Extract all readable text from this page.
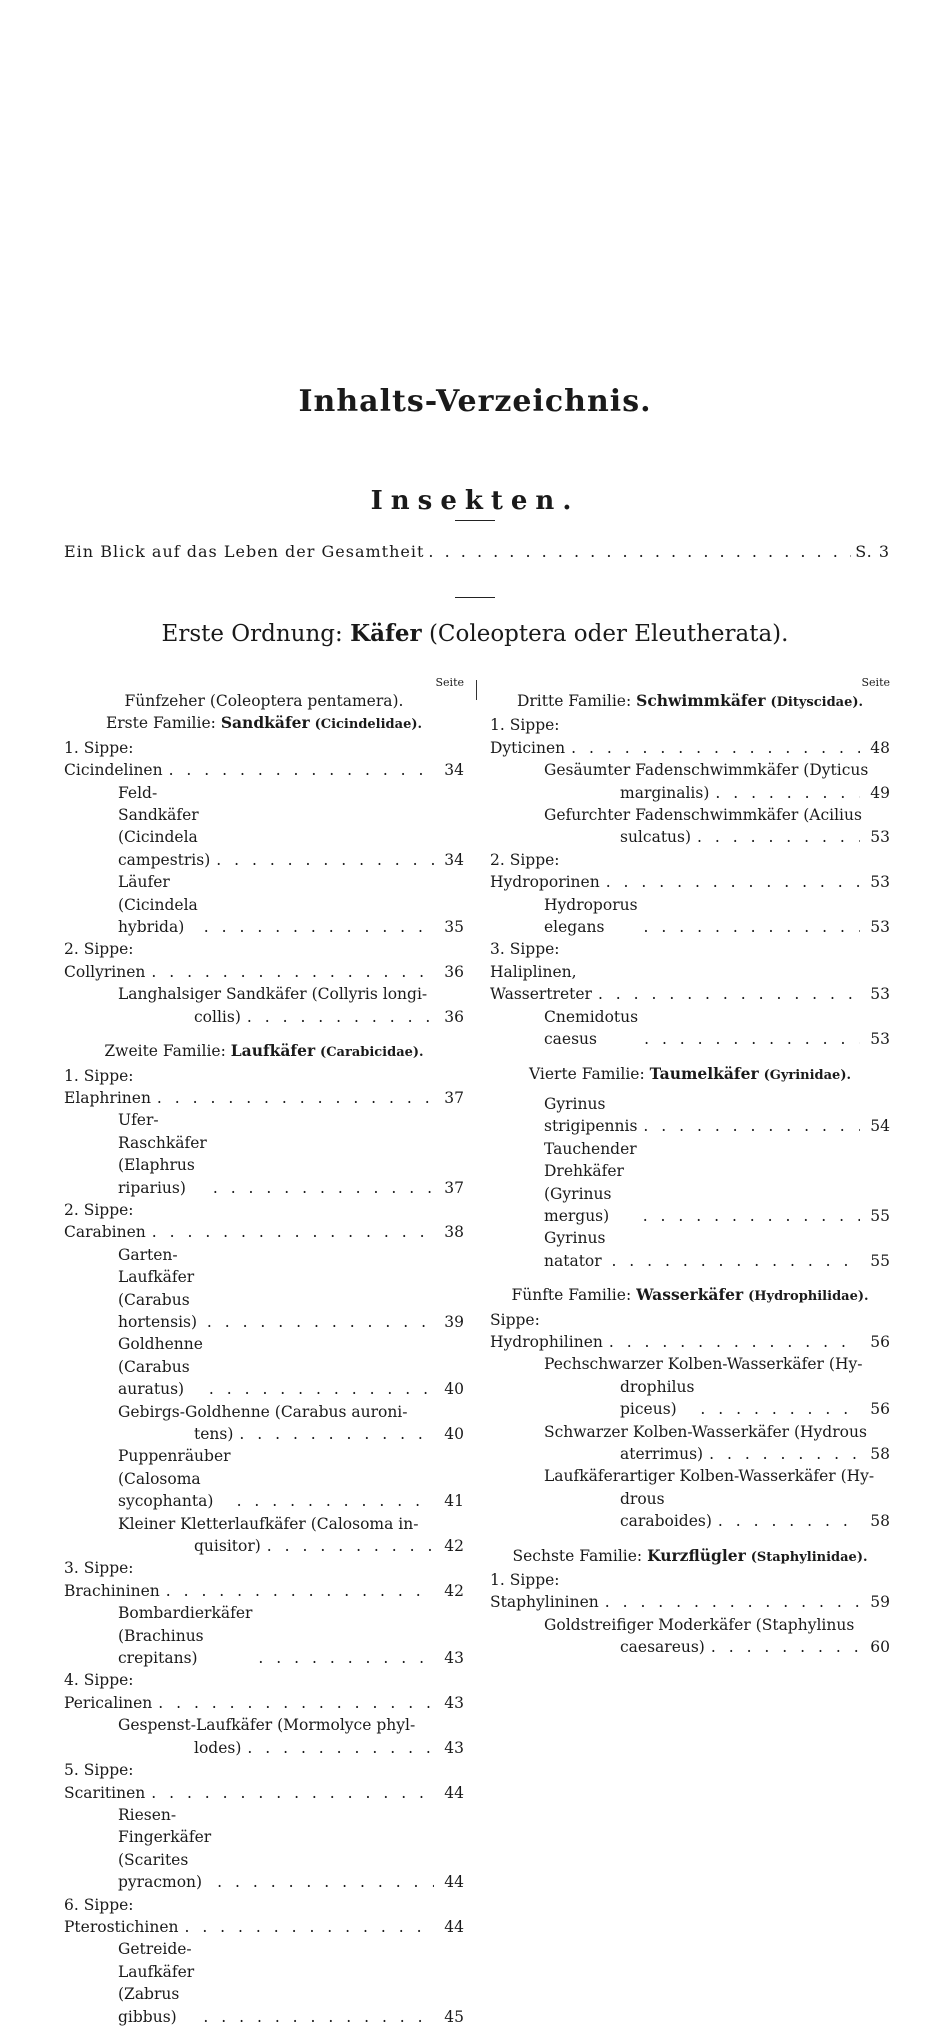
Inhalts-Verzeichnis.
Insekten.
Ein Blick auf das Leben der Gesamtheit . . .	S. 3
Erste Ordnung: Käfer (Coleoptera oder Eleutherata).
Seite
Fünfzeher (Coleoptera pentamera).
Erste Familie: Sandkäfer (Cicindelidae).
1. Sippe: Cicindelinen . . .	34
Feld-Sandkäfer (Cicindela campestris) . . .	34
Läufer (Cicindela hybrida) . . .	35
2. Sippe: Collyrinen . . .	36
Langhalsiger Sandkäfer (Collyris longi-
collis) . . .	36
Zweite Familie: Laufkäfer (Carabicidae).
1. Sippe: Elaphrinen . . .	37
Ufer-Raschkäfer (Elaphrus riparius) . . .	37
2. Sippe: Carabinen . . .	38
Garten-Laufkäfer (Carabus hortensis) . . .	39
Goldhenne (Carabus auratus) . . .	40
Gebirgs-Goldhenne (Carabus auroni-
tens) . . .	40
Puppenräuber (Calosoma sycophanta) . . .	41
Kleiner Kletterlaufkäfer (Calosoma in-
quisitor) . . .	42
3. Sippe: Brachininen . . .	42
Bombardierkäfer (Brachinus crepitans) . . .	43
4. Sippe: Pericalinen . . .	43
Gespenst-Laufkäfer (Mormolyce phyl-
lodes) . . .	43
5. Sippe: Scaritinen . . .	44
Riesen-Fingerkäfer (Scarites pyracmon) . . .	44
6. Sippe: Pterostichinen . . .	44
Getreide-Laufkäfer (Zabrus gibbus) . . .	45
Seite
Dritte Familie: Schwimmkäfer (Dityscidae).
1. Sippe: Dyticinen . . .	48
Gesäumter Fadenschwimmkäfer (Dyticus
marginalis) . . .	49
Gefurchter Fadenschwimmkäfer (Acilius
sulcatus) . . .	53
2. Sippe: Hydroporinen . . .	53
Hydroporus elegans . . .	53
3. Sippe: Haliplinen, Wassertreter . . .	53
Cnemidotus caesus . . .	53
Vierte Familie: Taumelkäfer (Gyrinidae).
Gyrinus strigipennis . . .	54
Tauchender Drehkäfer (Gyrinus mergus) . . .	55
Gyrinus natator . . .	55
Fünfte Familie: Wasserkäfer (Hydrophilidae).
Sippe: Hydrophilinen . . .	56
Pechschwarzer Kolben-Wasserkäfer (Hy-
drophilus piceus) . . .	56
Schwarzer Kolben-Wasserkäfer (Hydrous
aterrimus) . . .	58
Laufkäferartiger Kolben-Wasserkäfer (Hy-
drous caraboides) . . .	58
Sechste Familie: Kurzflügler (Staphylinidae).
1. Sippe: Staphylininen . . .	59
Goldstreifiger Moderkäfer (Staphylinus
caesareus) . . .	60
